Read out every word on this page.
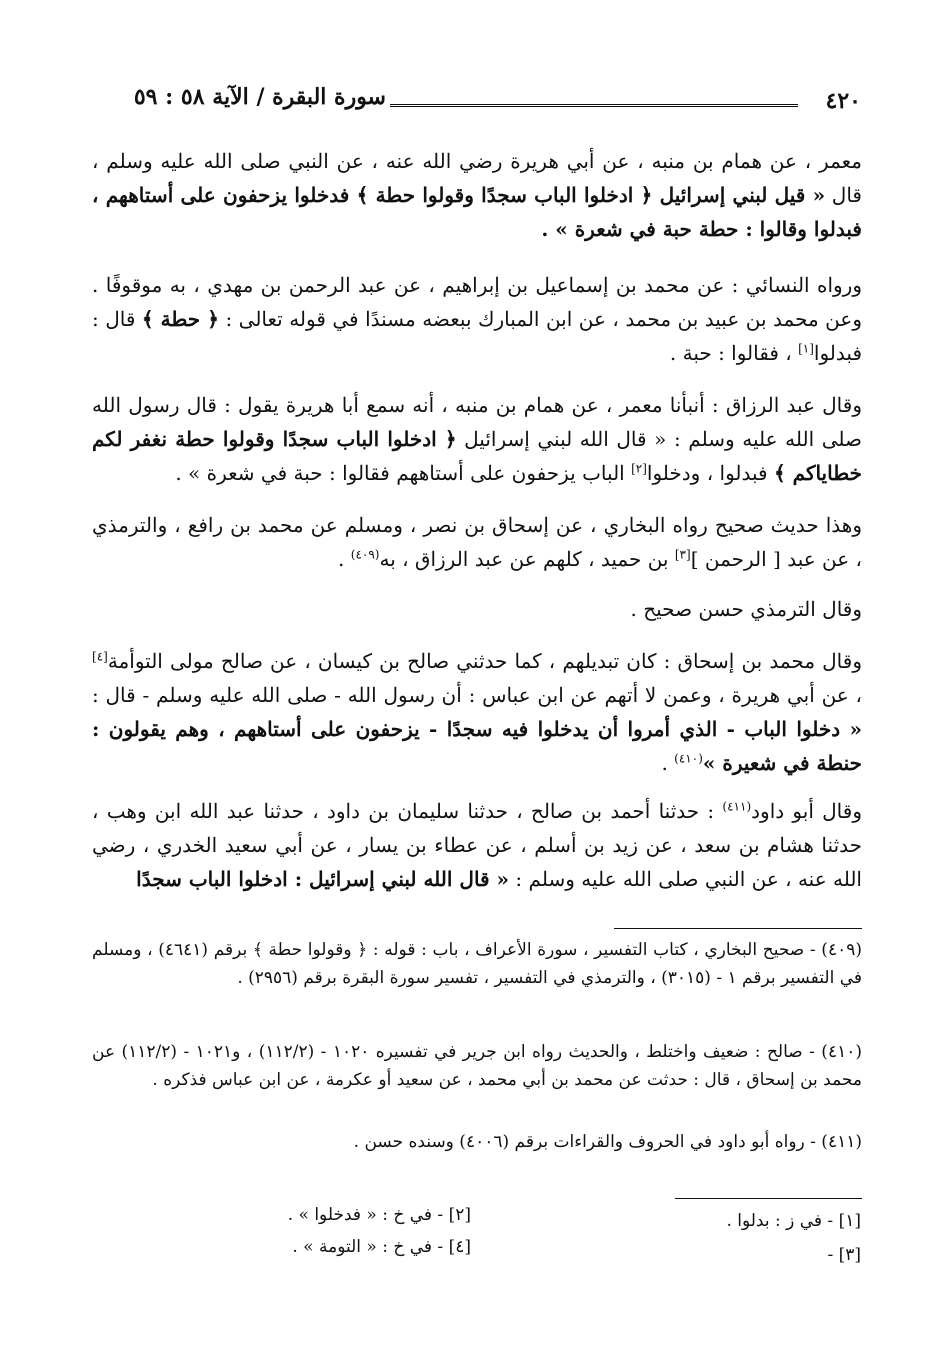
سورة البقرة / الآية ٥٨ : ٥٩	٤٢٠

معمر ، عن همام بن منبه ، عن أبي هريرة رضي الله عنه ، عن النبي صلى الله عليه وسلم ، قال « قيل لبني إسرائيل ﴿ ادخلوا الباب سجدًا وقولوا حطة ﴾ فدخلوا يزحفون على أستاههم ، فبدلوا وقالوا : حطة حبة في شعرة » .

ورواه النسائي : عن محمد بن إسماعيل بن إبراهيم ، عن عبد الرحمن بن مهدي ، به موقوفًا . وعن محمد بن عبيد بن محمد ، عن ابن المبارك ببعضه مسندًا في قوله تعالى : ﴿ حطة ﴾ قال : فبدلوا[١] ، فقالوا : حبة .

وقال عبد الرزاق : أنبأنا معمر ، عن همام بن منبه ، أنه سمع أبا هريرة يقول : قال رسول الله صلى الله عليه وسلم : « قال الله لبني إسرائيل ﴿ ادخلوا الباب سجدًا وقولوا حطة نغفر لكم خطاياكم ﴾ فبدلوا ، ودخلوا[٢] الباب يزحفون على أستاههم فقالوا : حبة في شعرة » .

وهذا حديث صحيح رواه البخاري ، عن إسحاق بن نصر ، ومسلم عن محمد بن رافع ، والترمذي ، عن عبد [ الرحمن ][٣] بن حميد ، كلهم عن عبد الرزاق ، به$^{(٤٠٩)}$ .

وقال الترمذي حسن صحيح .

وقال محمد بن إسحاق : كان تبديلهم ، كما حدثني صالح بن كيسان ، عن صالح مولى التوأمة[٤] ، عن أبي هريرة ، وعمن لا أتهم عن ابن عباس : أن رسول الله - صلى الله عليه وسلم - قال : « دخلوا الباب - الذي أمروا أن يدخلوا فيه سجدًا - يزحفون على أستاههم ، وهم يقولون : حنطة في شعيرة »$^{(٤١٠)}$ .

وقال أبو داود$^{(٤١١)}$ : حدثنا أحمد بن صالح ، حدثنا سليمان بن داود ، حدثنا عبد الله ابن وهب ، حدثنا هشام بن سعد ، عن زيد بن أسلم ، عن عطاء بن يسار ، عن أبي سعيد الخدري ، رضي الله عنه ، عن النبي صلى الله عليه وسلم : « قال الله لبني إسرائيل : ادخلوا الباب سجدًا

(٤٠٩) - صحيح البخاري ، كتاب التفسير ، سورة الأعراف ، باب : قوله : ﴿ وقولوا حطة ﴾ برقم (٤٦٤١) ، ومسلم في التفسير برقم ١ - (٣٠١٥) ، والترمذي في التفسير ، تفسير سورة البقرة برقم (٢٩٥٦) .
(٤١٠) - صالح : ضعيف واختلط ، والحديث رواه ابن جرير في تفسيره ١٠٢٠ - (١١٢/٢) ، و١٠٢١ - (١١٢/٢) عن محمد بن إسحاق ، قال : حدثت عن محمد بن أبي محمد ، عن سعيد أو عكرمة ، عن ابن عباس فذكره .
(٤١١) - رواه أبو داود في الحروف والقراءات برقم (٤٠٠٦) وسنده حسن .
[١] - في ز : بدلوا .
[٢] - في خ : « فدخلوا » .
[٣] -
[٤] - في خ : « التومة » .
